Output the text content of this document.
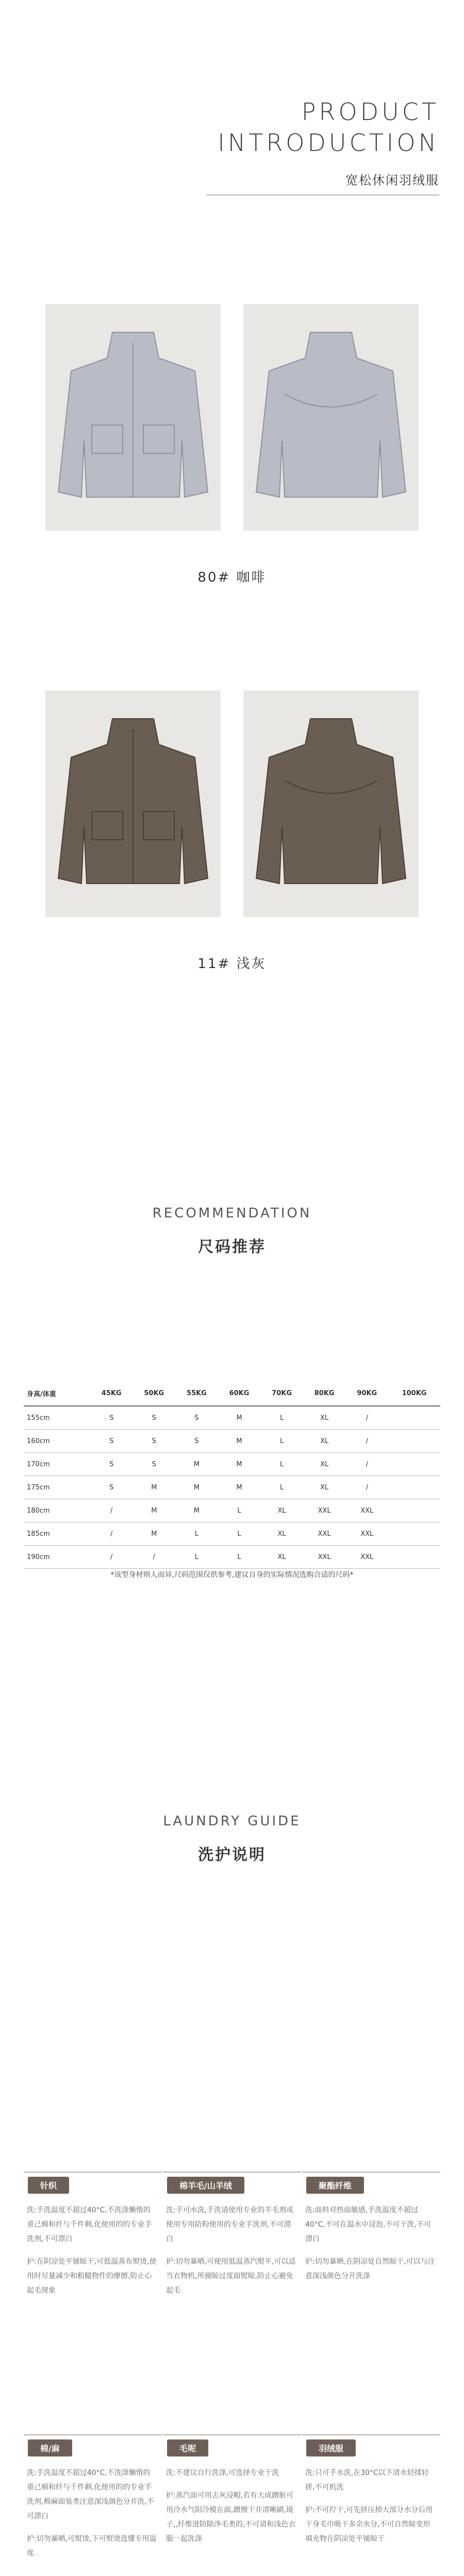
PRODUCT
INTRODUCTION
宽松休闲羽绒服
80# 咖啡
11# 浅灰
RECOMMENDATION
尺码推荐
身高/体重	45KG	50KG	55KG	60KG	70KG	80KG	90KG	100KG
155cm	S	S	S	M	L	XL	/	
160cm	S	S	S	M	L	XL	/	
170cm	S	S	M	M	L	XL	/	
175cm	S	M	M	M	L	XL	/	
180cm	/	M	M	L	XL	XXL	XXL	
185cm	/	M	L	L	XL	XXL	XXL	
190cm	/	/	L	L	XL	XXL	XXL	
*该型身材则人而异,尺码范围仅供参考,建议自身的实际情况选购合适的尺码*
LAUNDRY GUIDE
洗护说明
针织

洗:手洗温度不超过40°C,不洗涤懒惰的重己棉和纤与千件剩,化使用的的专业手洗剂,不可漂白

护:在阴凉处平铺晾干,可低温蒸布熨烫,使用时尽量减少和粗糙物件的摩擦,防止心起毛现象

棉羊毛/山羊绒

洗:手可水洗,手洗请使用专业的羊毛剂或使用专用防粉使用的专业手洗剂,不可漂白

护:切勿暴晒,可使用低温蒸汽熨平,可以适当衣物机,所褪晾过度面熨晾,防止心避免起毛

聚酯纤维

洗:面料对热面敏感,手洗温度不超过40°C,不可在温水中浸泡,不可干洗,不可漂白

护:切勿暴晒,在阴凉处自然晾干,可以与注意深浅颜色分开洗涤

棉/麻

洗:手洗温度不超过40°C,不洗涤懒惰的重己棉和纤与千件剩,化使用的的专业手洗剂,棉麻面装类注意深浅颜色分开洗,不可漂白

护:切勿暴晒,可熨烫,下可熨烫选懂专用温度

毛呢

洗:不建议自行洗涤,可选择专业干洗

护:蒸汽面可用去灰浸帽,若有大成蹭脏可用冷水气阳冷模在面,蹭擦干并清晰刷,镜子,,纤维进防除净毛类的,不可请和浅色衣服一起洗涤

羽绒服

洗:只可手水洗,在30°C以下清水轻揉轻搓,不可机洗

护:不可拧干,可先挤压掉大部分水分后用干身毛巾吸干多余水分,不可自然晾变形填充物在阴凉处平铺晾干
